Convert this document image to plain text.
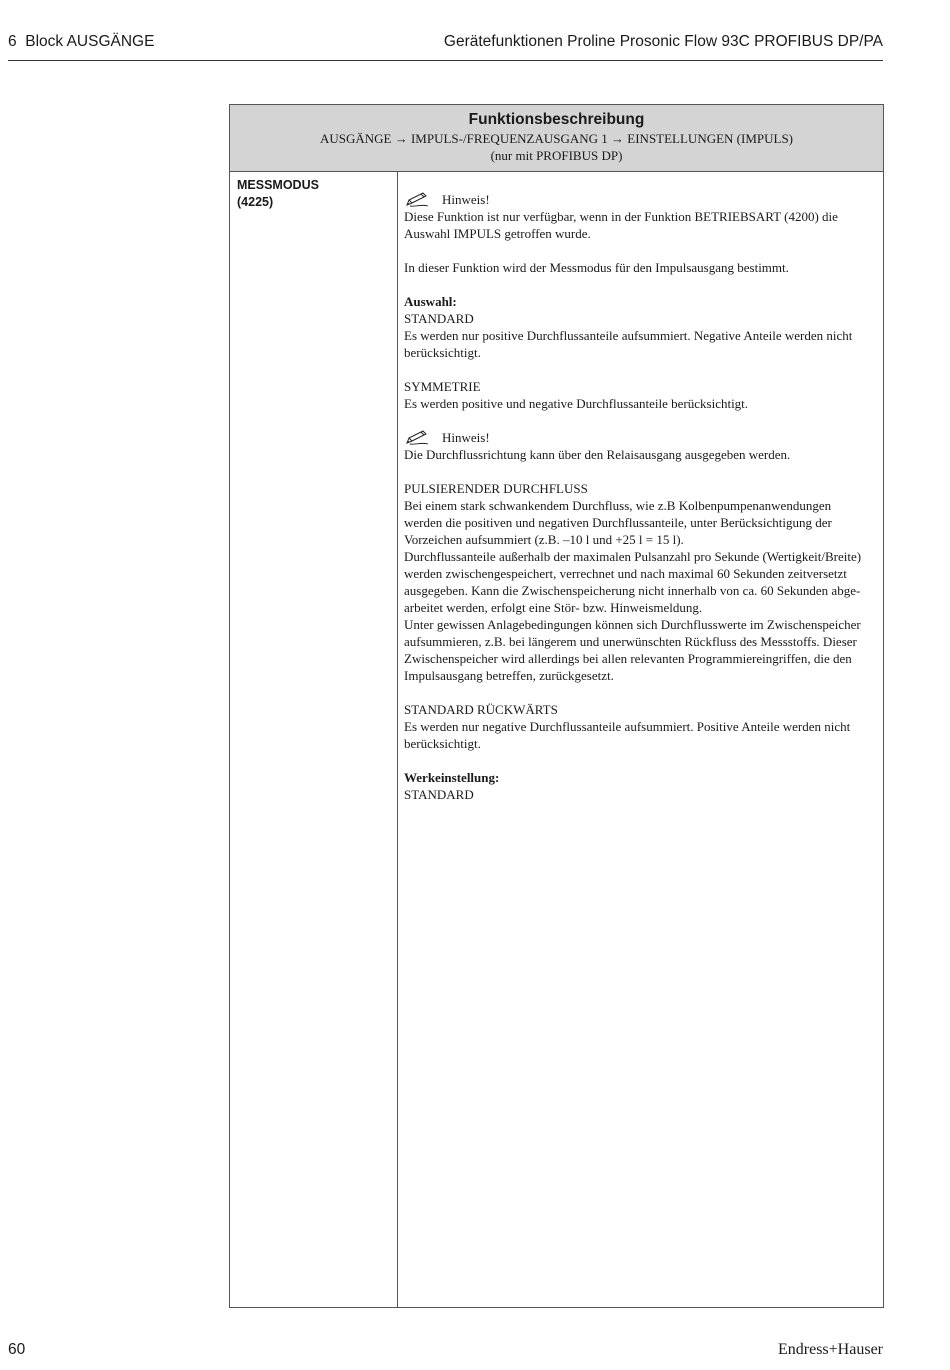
6  Block AUSGÄNGE	Gerätefunktionen Proline Prosonic Flow 93C PROFIBUS DP/PA
Funktionsbeschreibung
AUSGÄNGE → IMPULS-/FREQUENZAUSGANG 1 → EINSTELLUNGEN (IMPULS)
(nur mit PROFIBUS DP)
MESSMODUS
(4225)	Hinweis!

Diese Funktion ist nur verfügbar, wenn in der Funktion BETRIEBSART (4200) die

Auswahl IMPULS getroffen wurde.

In dieser Funktion wird der Messmodus für den Impulsausgang bestimmt.

Auswahl:

STANDARD

Es werden nur positive Durchflussanteile aufsummiert. Negative Anteile werden nicht

berücksichtigt.

SYMMETRIE

Es werden positive und negative Durchflussanteile berücksichtigt.

Hinweis!

Die Durchflussrichtung kann über den Relaisausgang ausgegeben werden.

PULSIERENDER DURCHFLUSS

Bei einem stark schwankendem Durchfluss, wie z.B Kolbenpumpenanwendungen

werden die positiven und negativen Durchflussanteile, unter Berücksichtigung der

Vorzeichen aufsummiert (z.B. –10 l und +25 l = 15 l).

Durchflussanteile außerhalb der maximalen Pulsanzahl pro Sekunde (Wertigkeit/Breite)

werden zwischengespeichert, verrechnet und nach maximal 60 Sekunden zeitversetzt

ausgegeben. Kann die Zwischenspeicherung nicht innerhalb von ca. 60 Sekunden abge-

arbeitet werden, erfolgt eine Stör- bzw. Hinweismeldung.

Unter gewissen Anlagebedingungen können sich Durchflusswerte im Zwischenspeicher

aufsummieren, z.B. bei längerem und unerwünschten Rückfluss des Messstoffs. Dieser

Zwischenspeicher wird allerdings bei allen relevanten Programmiereingriffen, die den

Impulsausgang betreffen, zurückgesetzt.

STANDARD RÜCKWÄRTS

Es werden nur negative Durchflussanteile aufsummiert. Positive Anteile werden nicht

berücksichtigt.

Werkeinstellung:

STANDARD

60	Endress+Hauser
